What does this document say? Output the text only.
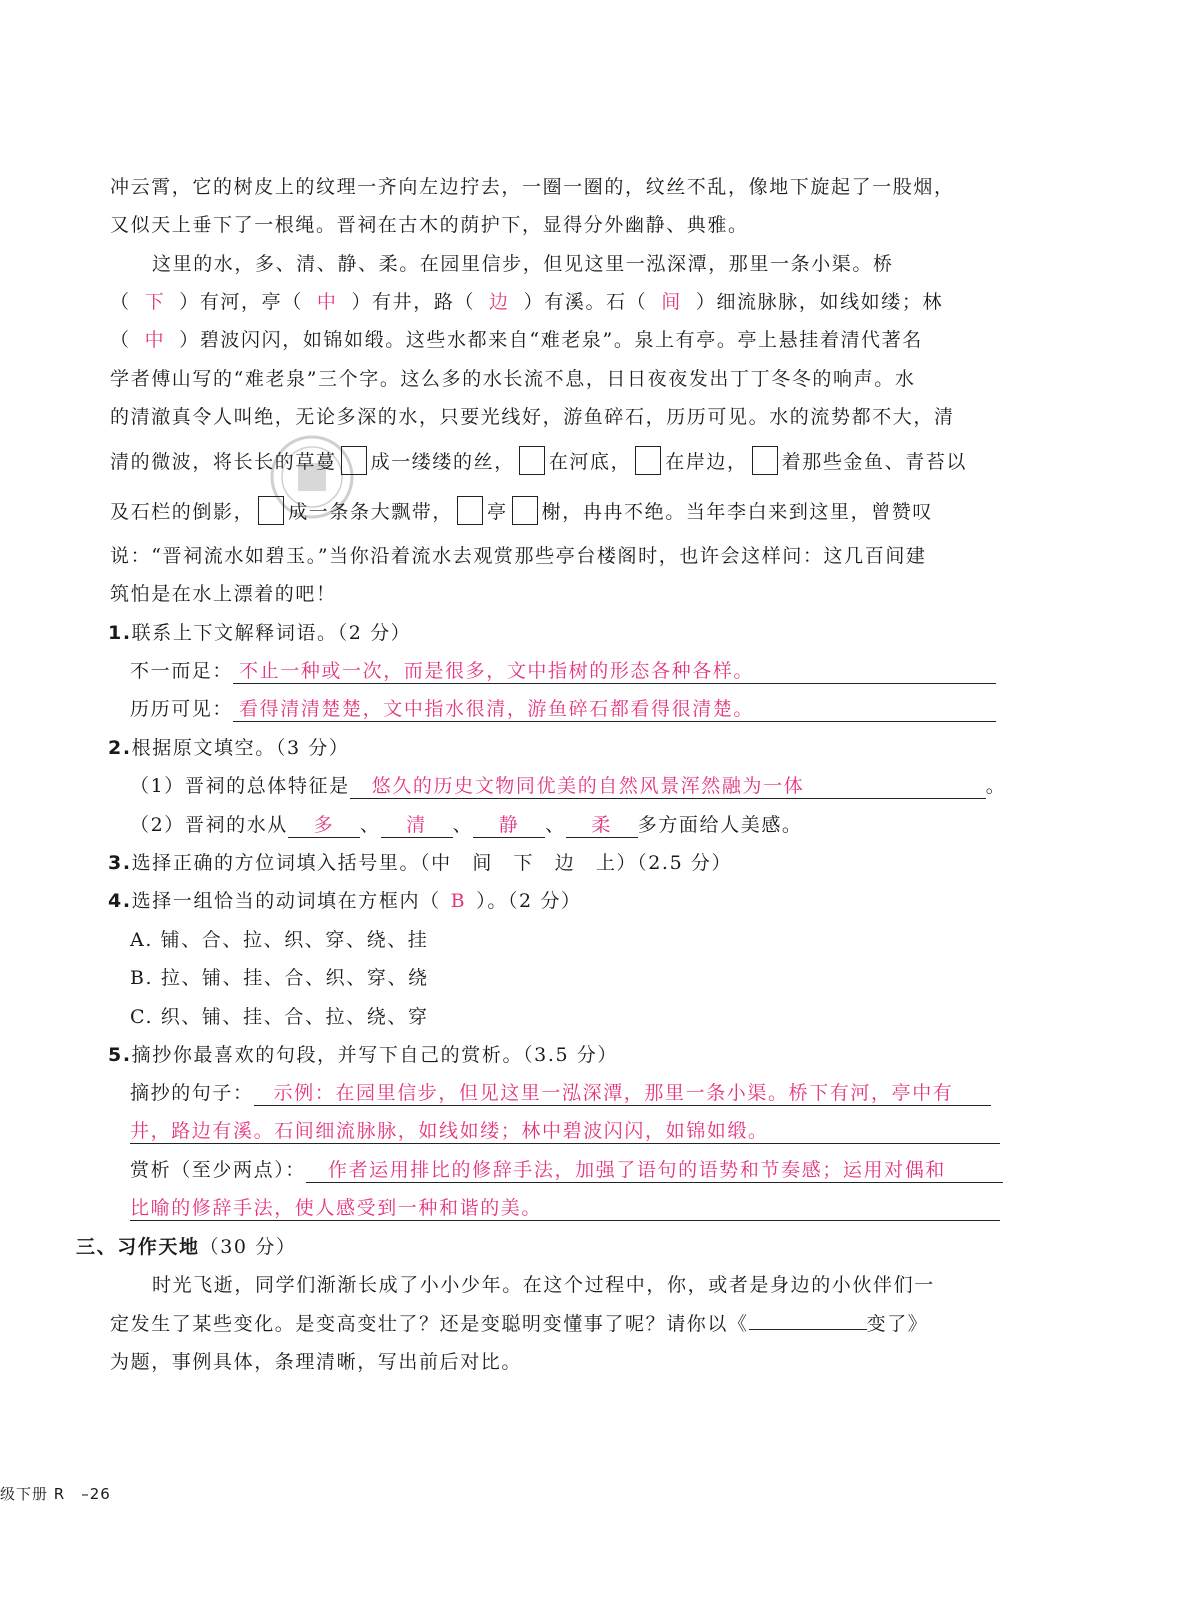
冲云霄，它的树皮上的纹理一齐向左边拧去，一圈一圈的，纹丝不乱，像地下旋起了一股烟，
又似天上垂下了一根绳。晋祠在古木的荫护下，显得分外幽静、典雅。
这里的水，多、清、静、柔。在园里信步，但见这里一泓深潭，那里一条小渠。桥
（ 下 ）有河，亭（ 中 ）有井，路（ 边 ）有溪。石（ 间 ）细流脉脉，如线如缕；林
（ 中 ）碧波闪闪，如锦如缎。这些水都来自“难老泉”。泉上有亭。亭上悬挂着清代著名
学者傅山写的“难老泉”三个字。这么多的水长流不息，日日夜夜发出丁丁冬冬的响声。水
的清澈真令人叫绝，无论多深的水，只要光线好，游鱼碎石，历历可见。水的流势都不大，清
清的微波，将长长的草蔓 成一缕缕的丝， 在河底， 在岸边， 着那些金鱼、青苔以
及石栏的倒影， 成一条条大飘带， 亭 榭，冉冉不绝。当年李白来到这里，曾赞叹
说：“晋祠流水如碧玉。”当你沿着流水去观赏那些亭台楼阁时，也许会这样问：这几百间建
筑怕是在水上漂着的吧！
1.联系上下文解释词语。（2 分）
不一而足： 不止一种或一次，而是很多，文中指树的形态各种各样。
历历可见： 看得清清楚楚，文中指水很清，游鱼碎石都看得很清楚。
2.根据原文填空。（3 分）
（1）晋祠的总体特征是 悠久的历史文物同优美的自然风景浑然融为一体	。
（2）晋祠的水从 多 、 清 、 静 、 柔 多方面给人美感。
3.选择正确的方位词填入括号里。（中　间　下　边　上）（2.5 分）
4.选择一组恰当的动词填在方框内（ B ）。（2 分）
A. 铺、合、拉、织、穿、绕、挂
B. 拉、铺、挂、合、织、穿、绕
C. 织、铺、挂、合、拉、绕、穿
5.摘抄你最喜欢的句段，并写下自己的赏析。（3.5 分）
摘抄的句子： 示例：在园里信步，但见这里一泓深潭，那里一条小渠。桥下有河，亭中有
井，路边有溪。石间细流脉脉，如线如缕；林中碧波闪闪，如锦如缎。
赏析（至少两点）： 作者运用排比的修辞手法，加强了语句的语势和节奏感；运用对偶和
比喻的修辞手法，使人感受到一种和谐的美。
三、习作天地（30 分）
时光飞逝，同学们渐渐长成了小小少年。在这个过程中，你，或者是身边的小伙伴们一
定发生了某些变化。是变高变壮了？还是变聪明变懂事了呢？请你以《	变了》
为题，事例具体，条理清晰，写出前后对比。
级下册 R　–26
